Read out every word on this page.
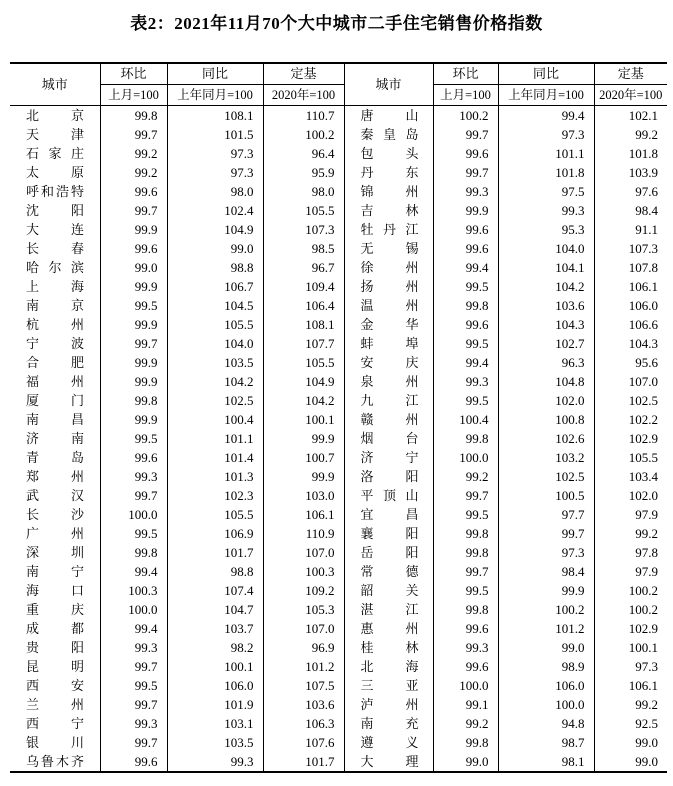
表2：2021年11月70个大中城市二手住宅销售价格指数
城市	环比	同比	定基	城市	环比	同比	定基
	上月=100	上年同月=100	2020年=100		上月=100	上年同月=100	2020年=100
北京	99.8	108.1	110.7	唐山	100.2	99.4	102.1
天津	99.7	101.5	100.2	秦皇岛	99.7	97.3	99.2
石家庄	99.2	97.3	96.4	包头	99.6	101.1	101.8
太原	99.2	97.3	95.9	丹东	99.7	101.8	103.9
呼和浩特	99.6	98.0	98.0	锦州	99.3	97.5	97.6
沈阳	99.7	102.4	105.5	吉林	99.9	99.3	98.4
大连	99.9	104.9	107.3	牡丹江	99.6	95.3	91.1
长春	99.6	99.0	98.5	无锡	99.6	104.0	107.3
哈尔滨	99.0	98.8	96.7	徐州	99.4	104.1	107.8
上海	99.9	106.7	109.4	扬州	99.5	104.2	106.1
南京	99.5	104.5	106.4	温州	99.8	103.6	106.0
杭州	99.9	105.5	108.1	金华	99.6	104.3	106.6
宁波	99.7	104.0	107.7	蚌埠	99.5	102.7	104.3
合肥	99.9	103.5	105.5	安庆	99.4	96.3	95.6
福州	99.9	104.2	104.9	泉州	99.3	104.8	107.0
厦门	99.8	102.5	104.2	九江	99.5	102.0	102.5
南昌	99.9	100.4	100.1	赣州	100.4	100.8	102.2
济南	99.5	101.1	99.9	烟台	99.8	102.6	102.9
青岛	99.6	101.4	100.7	济宁	100.0	103.2	105.5
郑州	99.3	101.3	99.9	洛阳	99.2	102.5	103.4
武汉	99.7	102.3	103.0	平顶山	99.7	100.5	102.0
长沙	100.0	105.5	106.1	宜昌	99.5	97.7	97.9
广州	99.5	106.9	110.9	襄阳	99.8	99.7	99.2
深圳	99.8	101.7	107.0	岳阳	99.8	97.3	97.8
南宁	99.4	98.8	100.3	常德	99.7	98.4	97.9
海口	100.3	107.4	109.2	韶关	99.5	99.9	100.2
重庆	100.0	104.7	105.3	湛江	99.8	100.2	100.2
成都	99.4	103.7	107.0	惠州	99.6	101.2	102.9
贵阳	99.3	98.2	96.9	桂林	99.3	99.0	100.1
昆明	99.7	100.1	101.2	北海	99.6	98.9	97.3
西安	99.5	106.0	107.5	三亚	100.0	106.0	106.1
兰州	99.7	101.9	103.6	泸州	99.1	100.0	99.2
西宁	99.3	103.1	106.3	南充	99.2	94.8	92.5
银川	99.7	103.5	107.6	遵义	99.8	98.7	99.0
乌鲁木齐	99.6	99.3	101.7	大理	99.0	98.1	99.0
